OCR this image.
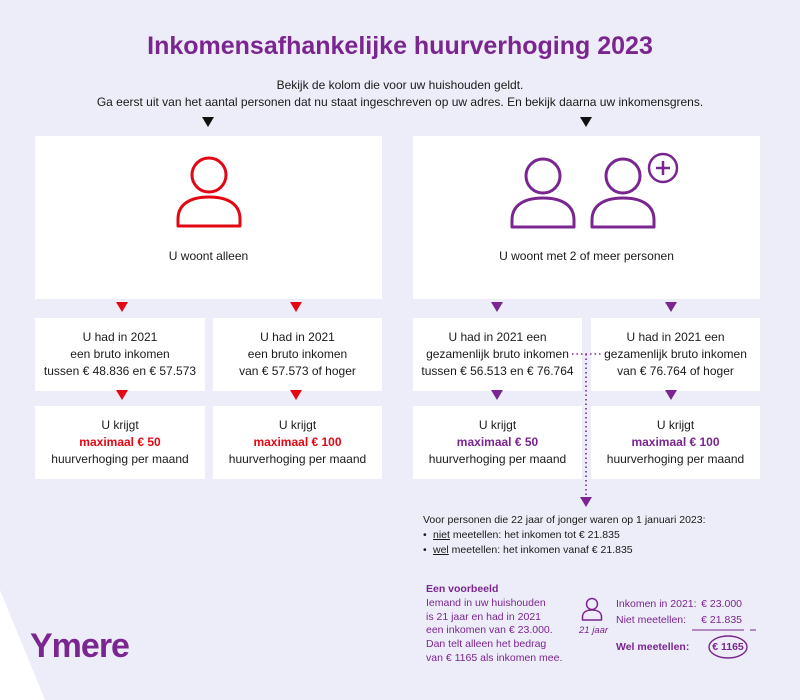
Inkomensafhankelijke huurverhoging 2023
Bekijk de kolom die voor uw huishouden geldt.
Ga eerst uit van het aantal personen dat nu staat ingeschreven op uw adres. En bekijk daarna uw inkomensgrens.
U woont alleen	U woont met 2 of meer personen
U had in 2021
een bruto inkomen
tussen € 48.836 en € 57.573
U had in 2021
een bruto inkomen
van € 57.573 of hoger
U had in 2021 een
gezamenlijk bruto inkomen
tussen € 56.513 en € 76.764
U had in 2021 een
gezamenlijk bruto inkomen
van € 76.764 of hoger
U krijgt
maximaal € 50
huurverhoging per maand
U krijgt
maximaal € 100
huurverhoging per maand
U krijgt
maximaal € 50
huurverhoging per maand
U krijgt
maximaal € 100
huurverhoging per maand
Voor personen die 22 jaar of jonger waren op 1 januari 2023:
• niet meetellen: het inkomen tot € 21.835
• wel meetellen: het inkomen vanaf € 21.835
Een voorbeeld
Iemand in uw huishouden
is 21 jaar en had in 2021
een inkomen van € 23.000.
Dan telt alleen het bedrag
van € 1165 als inkomen mee.
21 jaar
Inkomen in 2021: € 23.000
Niet meetellen:	€ 21.835
Wel meetellen: € 1165
Ymere
